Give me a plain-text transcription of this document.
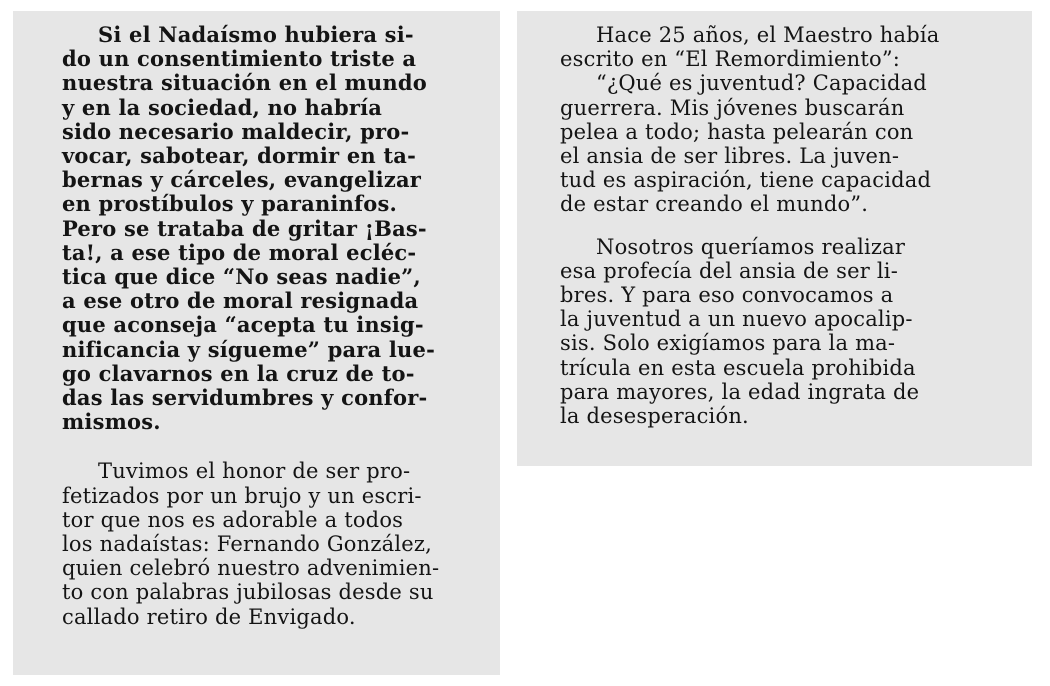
Si el Nadaísmo hubiera si-
do un consentimiento triste a
nuestra situación en el mundo
y en la sociedad, no habría
sido necesario maldecir, pro-
vocar, sabotear, dormir en ta-
bernas y cárceles, evangelizar
en prostíbulos y paraninfos.
Pero se trataba de gritar ¡Bas-
ta!, a ese tipo de moral ecléc-
tica que dice “No seas nadie”,
a ese otro de moral resignada
que aconseja “acepta tu insig-
nificancia y sígueme” para lue-
go clavarnos en la cruz de to-
das las servidumbres y confor-
mismos.
Tuvimos el honor de ser pro-
fetizados por un brujo y un escri-
tor que nos es adorable a todos
los nadaístas: Fernando González,
quien celebró nuestro advenimien-
to con palabras jubilosas desde su
callado retiro de Envigado.
Hace 25 años, el Maestro había
escrito en “El Remordimiento”:
“¿Qué es juventud? Capacidad
guerrera. Mis jóvenes buscarán
pelea a todo; hasta pelearán con
el ansia de ser libres. La juven-
tud es aspiración, tiene capacidad
de estar creando el mundo”.
Nosotros queríamos realizar
esa profecía del ansia de ser li-
bres. Y para eso convocamos a
la juventud a un nuevo apocalip-
sis. Solo exigíamos para la ma-
trícula en esta escuela prohibida
para mayores, la edad ingrata de
la desesperación.
